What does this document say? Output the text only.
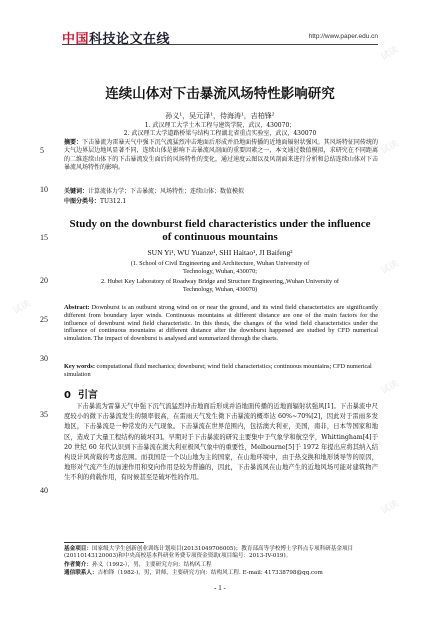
中国科技论文在线	http://www.paper.edu.cn
试读
试读
试读
试读
试读
试读
连续山体对下击暴流风场特性影响研究
孙义¹，吴元泽¹，侍海涛¹，吉柏锋²
1. 武汉理工大学土木工程与建筑学院，武汉，430070；
2. 武汉理工大学道路桥梁与结构工程湖北省重点实验室，武汉，430070
摘要：下击暴流为雷暴天气中强下沉气流猛烈冲击地面后形成并沿地面传播的近地面辐射状强风。其风场特征同传统的大气边界层边地风显著不同，连续山体是影响下击暴流风剖面的重要因素之一，本文通过数值模拟，求研究在不同距离的二维连续山体下的下击暴流发生面后的风场特性的变化，通过速度云图以及风剖面来进行分析和总结连续山体对下击暴流风场特性的影响。
关键词：计算流体力学；下击暴流；风场特性；连续山体；数值模拟
中图分类号：TU312.1
Study on the downburst field characteristics under the influence of continuous mountains
SUN Yi¹, WU Yuanze¹, SHI Haitao¹, JI Baifeng²
(1. School of Civil Engineering and Architecture, Wuhan University of
Technology, Wuhan, 430070;
2. Hubei Key Laboratory of Roadway Bridge and Structure Engineering,,Wuhan University of
Technology, Wuhan, 430070)
Abstract: Downburst is an outburst strong wind on or near the ground, and its wind field characteristics are significantly different from boundary layer winds. Continuous mountains at different distance are one of the main factors for the influence of downburst wind field characteristic. In this thesis, the changes of the wind field characteristics under the influence of continuous mountains at different distance after the downburst happened are studied by CFD numerical simulation. The impact of downburst is analysed and summarized through the charts.
Key words: computational fluid mechanics; downburst; wind field characteristics; continuous mountains; CFD numerical simulation
0 引言
下击暴流为雷暴天气中强下沉气流猛烈冲击地面后形成并沿地面传播的近地面辐射状强风[1]。下击暴流中尺度较小的微下击暴流发生的频率很高，在雷雨天气发生微下击暴流的概率达 60%~70%[2]，因此对于雷雨多发地区，下击暴流是一种常发的天气现象。下击暴流在世界范围内，包括澳大利亚，美国，南非，日本等国家和地区，造成了大量工程结构的破坏[3]。早期对于下击暴流的研究主要集中于气象学和航空学，Whittingham[4]于 20 世纪 60 年代认识到下击暴流在澳大利亚极风气象中的重要性，Melbourne[5]于 1972 年提出应将其纳入结构设计风荷载的考虑范围。而我国是一个以山地为主的国家，在山地环境中，由于热交换和地形诱导等的原因，地形对气流产生的加速作用和变向作用是较为普遍的，因此，下击暴流风在山地产生的近地风场可能对建筑物产生不利的荷载作用，有时候甚至是破坏性的作用。
5
10
15
20
25
30
35
40
基金项目：国家级大学生创新创业训练计划项目(20131049706005)；教育部高等学校博士学科点专项科研基金项目(20110143120003)和中央高校基本科研业务费专项资金资助(项目编号：2013-IV-019)。
作者简介：孙义（1992-），男，主要研究方向：结构风工程
通信联系人：吉柏锋（1982-)，男，讲师，主要研究方向：结构风工程. E-mail: 417338798@qq.com
- 1 -
